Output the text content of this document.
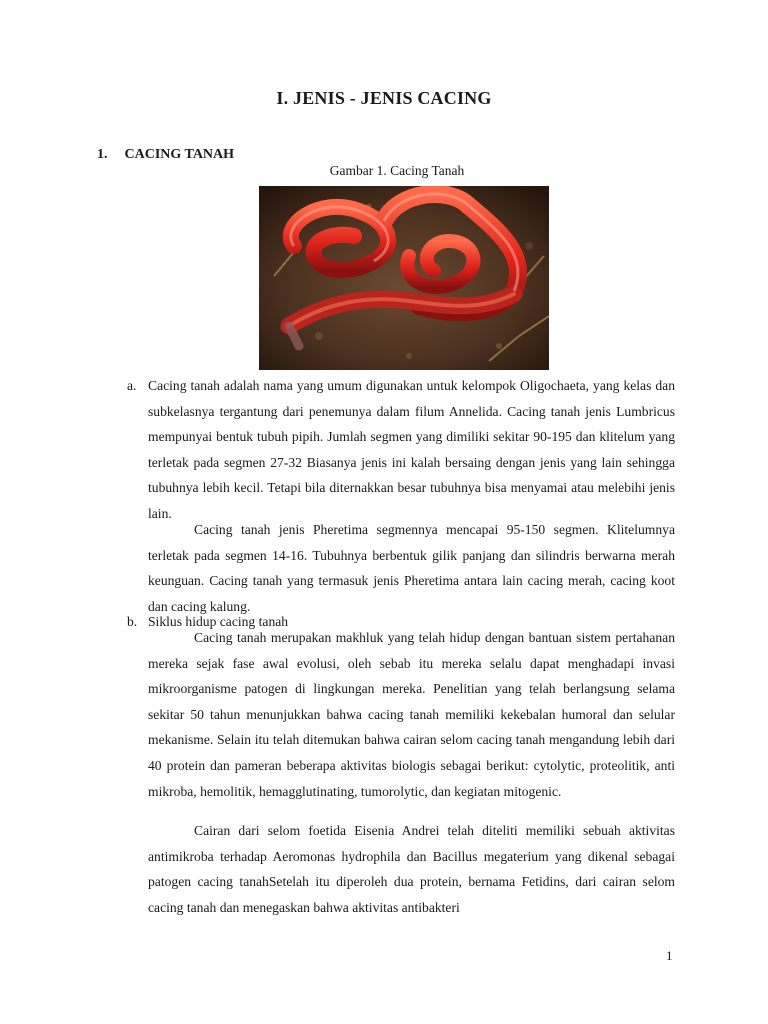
I. JENIS - JENIS CACING
1. CACING TANAH
Gambar 1. Cacing Tanah
a. Cacing tanah adalah nama yang umum digunakan untuk kelompok Oligochaeta, yang kelas dan subkelasnya tergantung dari penemunya dalam filum Annelida. Cacing tanah jenis Lumbricus mempunyai bentuk tubuh pipih. Jumlah segmen yang dimiliki sekitar 90-195 dan klitelum yang terletak pada segmen 27-32 Biasanya jenis ini kalah bersaing dengan jenis yang lain sehingga tubuhnya lebih kecil. Tetapi bila diternakkan besar tubuhnya bisa menyamai atau melebihi jenis lain.

Cacing tanah jenis Pheretima segmennya mencapai 95-150 segmen. Klitelumnya terletak pada segmen 14-16. Tubuhnya berbentuk gilik panjang dan silindris berwarna merah keunguan. Cacing tanah yang termasuk jenis Pheretima antara lain cacing merah, cacing koot dan cacing kalung.

b. Siklus hidup cacing tanah

Cacing tanah merupakan makhluk yang telah hidup dengan bantuan sistem pertahanan mereka sejak fase awal evolusi, oleh sebab itu mereka selalu dapat menghadapi invasi mikroorganisme patogen di lingkungan mereka. Penelitian yang telah berlangsung selama sekitar 50 tahun menunjukkan bahwa cacing tanah memiliki kekebalan humoral dan selular mekanisme. Selain itu telah ditemukan bahwa cairan selom cacing tanah mengandung lebih dari 40 protein dan pameran beberapa aktivitas biologis sebagai berikut: cytolytic, proteolitik, anti mikroba, hemolitik, hemagglutinating, tumorolytic, dan kegiatan mitogenic.

Cairan dari selom foetida Eisenia Andrei telah diteliti memiliki sebuah aktivitas antimikroba terhadap Aeromonas hydrophila dan Bacillus megaterium yang dikenal sebagai patogen cacing tanahSetelah itu diperoleh dua protein, bernama Fetidins, dari cairan selom cacing tanah dan menegaskan bahwa aktivitas antibakteri

1
